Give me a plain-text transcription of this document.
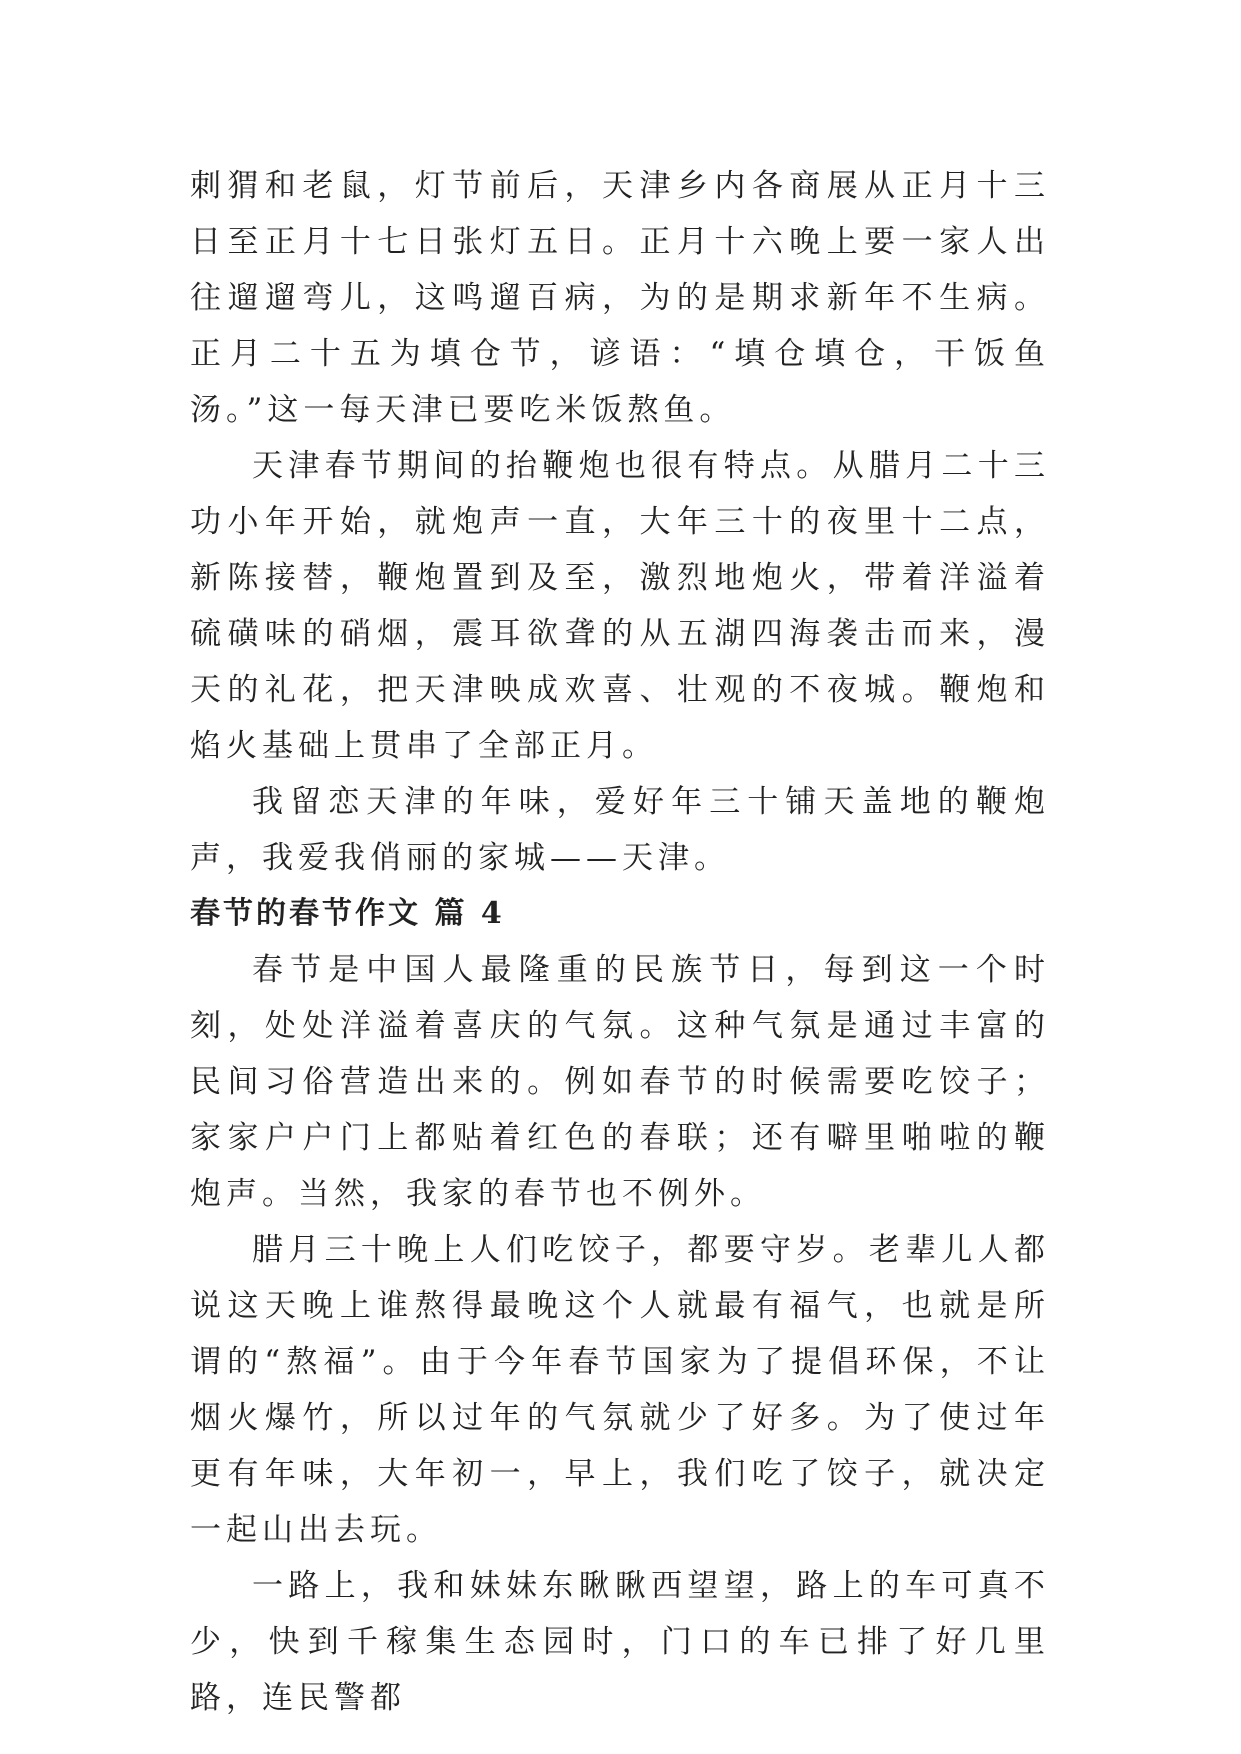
刺猬和老鼠，灯节前后，天津乡内各商展从正月十三日至正月十七日张灯五日。正月十六晚上要一家人出往遛遛弯儿，这鸣遛百病，为的是期求新年不生病。正月二十五为填仓节，谚语：“填仓填仓，干饭鱼汤。”这一每天津已要吃米饭熬鱼。

天津春节期间的抬鞭炮也很有特点。从腊月二十三功小年开始，就炮声一直，大年三十的夜里十二点，新陈接替，鞭炮置到及至，激烈地炮火，带着洋溢着硫磺味的硝烟，震耳欲聋的从五湖四海袭击而来，漫天的礼花，把天津映成欢喜、壮观的不夜城。鞭炮和焰火基础上贯串了全部正月。

我留恋天津的年味，爱好年三十铺天盖地的鞭炮声，我爱我俏丽的家城——天津。

春节的春节作文 篇 4

春节是中国人最隆重的民族节日，每到这一个时刻，处处洋溢着喜庆的气氛。这种气氛是通过丰富的民间习俗营造出来的。例如春节的时候需要吃饺子；家家户户门上都贴着红色的春联；还有噼里啪啦的鞭炮声。当然，我家的春节也不例外。

腊月三十晚上人们吃饺子，都要守岁。老辈儿人都说这天晚上谁熬得最晚这个人就最有福气，也就是所谓的“熬福”。由于今年春节国家为了提倡环保，不让烟火爆竹，所以过年的气氛就少了好多。为了使过年更有年味，大年初一，早上，我们吃了饺子，就决定一起山出去玩。

一路上，我和妹妹东瞅瞅西望望，路上的车可真不少，快到千稼集生态园时，门口的车已排了好几里路，连民警都
